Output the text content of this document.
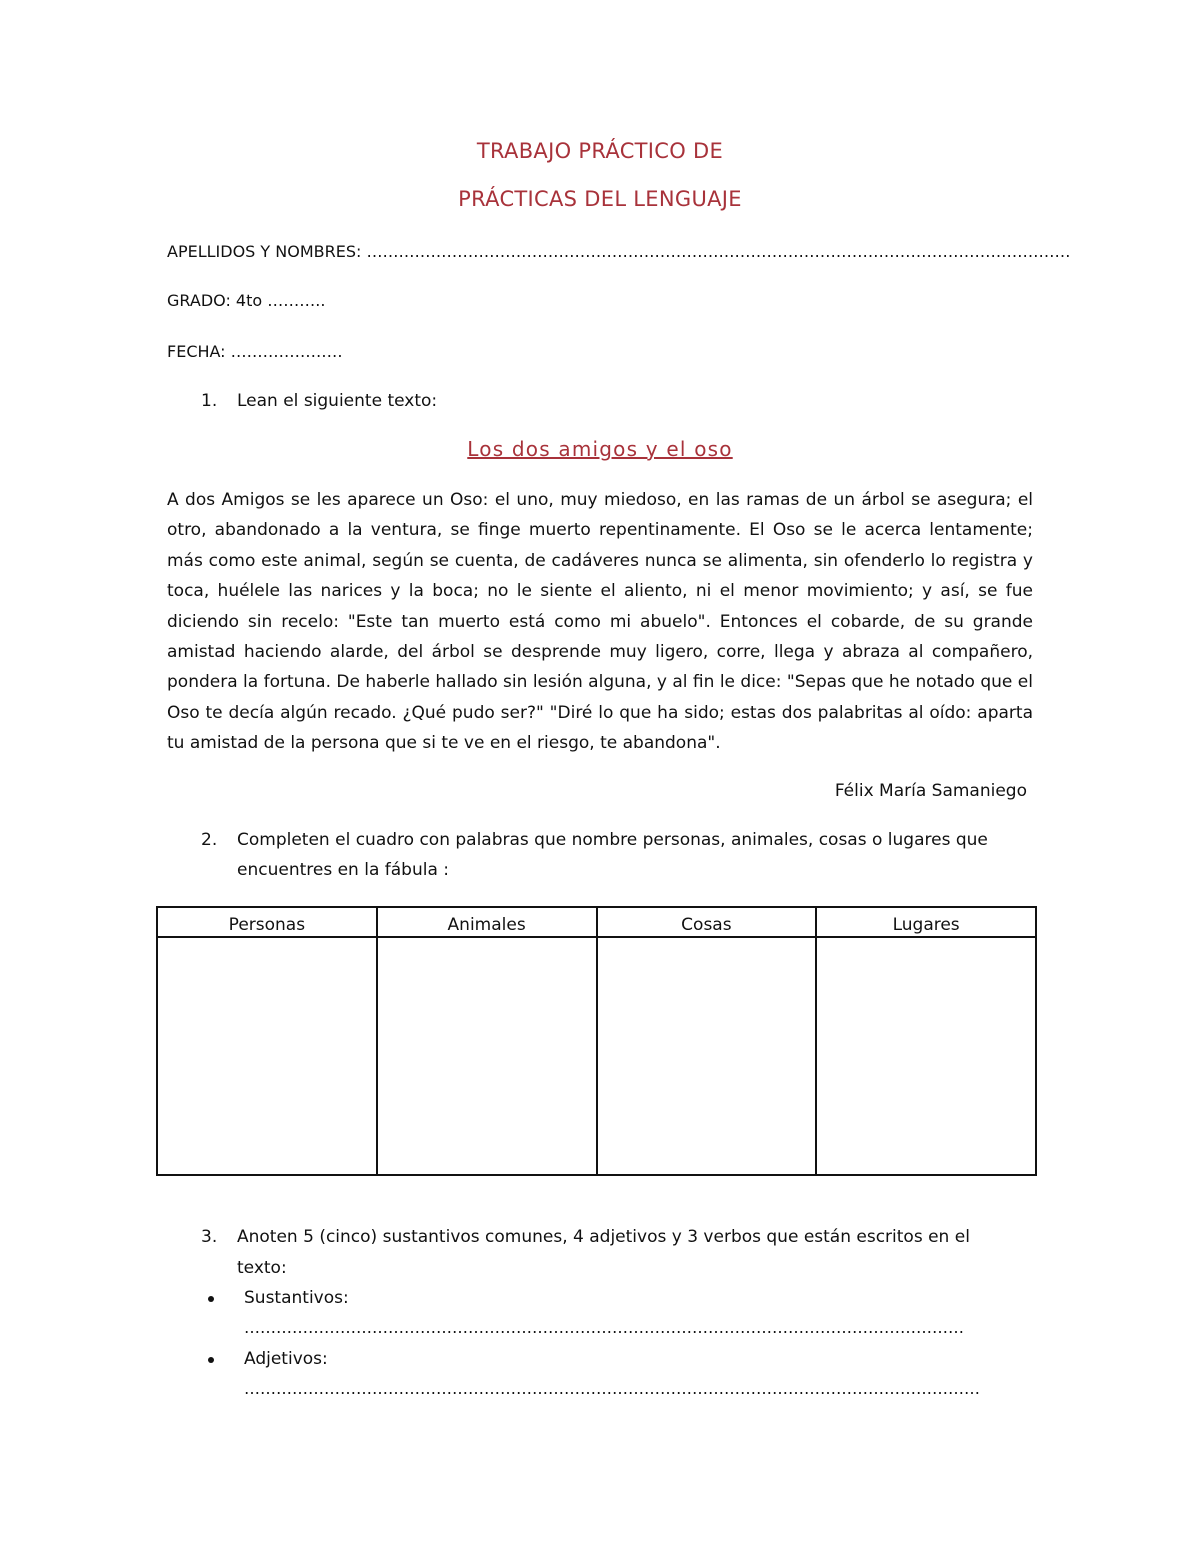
TRABAJO PRÁCTICO DE
PRÁCTICAS DEL LENGUAJE
APELLIDOS Y NOMBRES: ……………………………………………………………………………………………………………………
GRADO: 4to ………..
FECHA: …………………
1. Lean el siguiente texto:
Los dos amigos y el oso
A dos Amigos se les aparece un Oso: el uno, muy miedoso, en las ramas de un árbol se asegura; el otro, abandonado a la ventura, se finge muerto repentinamente. El Oso se le acerca lentamente; más como este animal, según se cuenta, de cadáveres nunca se alimenta, sin ofenderlo lo registra y toca, huélele las narices y la boca; no le siente el aliento, ni el menor movimiento; y así, se fue diciendo sin recelo: "Este tan muerto está como mi abuelo". Entonces el cobarde, de su grande amistad haciendo alarde, del árbol se desprende muy ligero, corre, llega y abraza al compañero, pondera la fortuna. De haberle hallado sin lesión alguna, y al fin le dice: "Sepas que he notado que el Oso te decía algún recado. ¿Qué pudo ser?" "Diré lo que ha sido; estas dos palabritas al oído: aparta tu amistad de la persona que si te ve en el riesgo, te abandona".
Félix María Samaniego
2. Completen el cuadro con palabras que nombre personas, animales, cosas o lugares que
encuentres en la fábula :
Personas	Animales	Cosas	Lugares

3. Anoten 5 (cinco) sustantivos comunes, 4 adjetivos y 3 verbos que están escritos en el
texto:
Sustantivos:
………………………………………………………………………………………………………………………
Adjetivos:
…………………………………………………………………………………………………………………………
